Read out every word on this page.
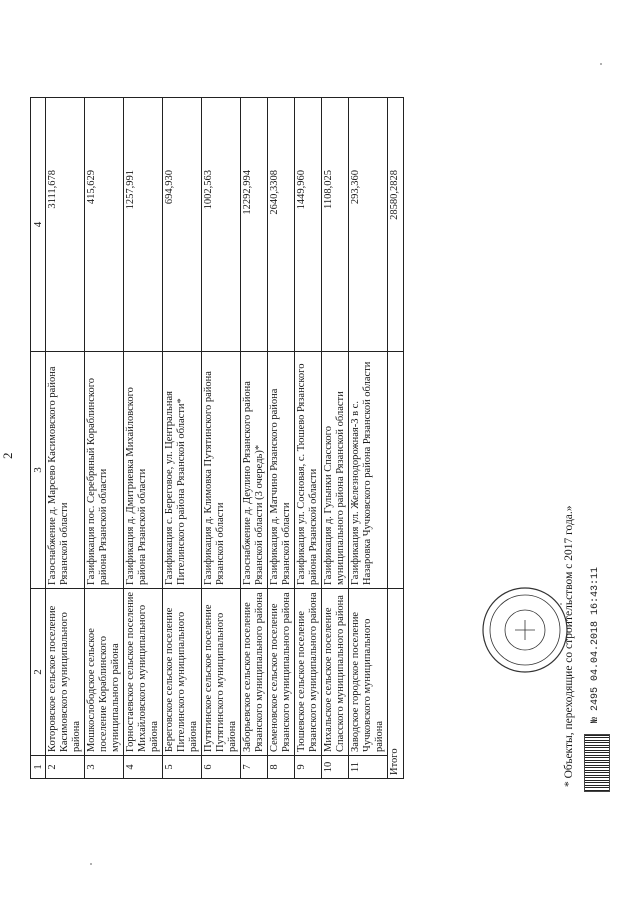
2
1	2	3	4
2	Котоpовское сельское поселение Касимовского муниципального района	Газоснабжение д. Марсево Касимовского района Рязанской области	3111,678
3	Мошкослободское сельское поселение Кораблинского муниципального района	Газификация пос. Серебряный Кораблинского района Рязанской области	415,629
4	Горностаевское сельское поселение Михайловского муниципального района	Газификация д. Дмитриевка Михайловского района Рязанской области	1257,991
5	Береговское сельское поселение Пителинского муниципального района	Газификация с. Береговое, ул. Центральная Пителинского района Рязанской области*	694,930
6	Путятинское сельское поселение Путятинского муниципального района	Газификация д. Климовка Путятинского района Рязанской области	1002,563
7	Заборьевское сельское поселение Рязанского муниципального района	Газоснабжение д. Деулино Рязанского района Рязанской области (3 очередь)*	12292,994
8	Семеновское сельское поселение Рязанского муниципального района	Газификация д. Матчино Рязанского района Рязанской области	2640,3308
9	Тюшевское сельское поселение Рязанского муниципального района	Газификация ул. Сосновая, с. Тюшево Рязанского района Рязанской области	1449,960
10	Михальское сельское поселение Спасского муниципального района	Газификация д. Гулынки Спасского муниципального района Рязанской области	1108,025
11	Заводское городское поселение Чучковского муниципального района	Газификация ул. Железнодорожная-3 в с. Назаровка Чучковского района Рязанской области	293,360
Итого			28580,2828
* Объекты, переходящие со строительством с 2017 года.» № 2495 04.04.2018 16:43:11
